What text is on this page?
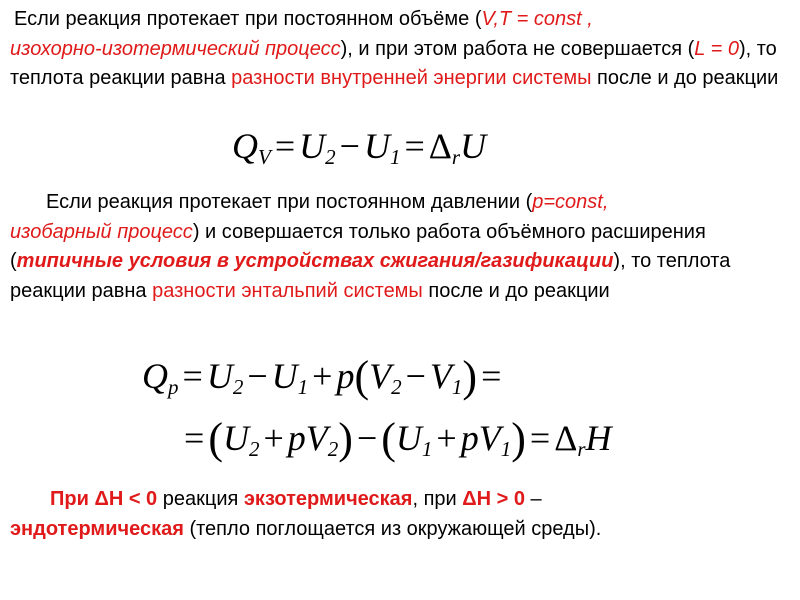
Если реакция протекает при постоянном объёме (V,T = const ,
изохорно-изотермический процесс), и при этом работа не совершается (L = 0), то теплота реакции равна разности внутренней энергии системы после и до реакции

$Q_V = U_2 - U_1 = \Delta_rU$

Если реакция протекает при постоянном давлении (p=const,
изобарный процесс) и совершается только работа объёмного расширения (типичные условия в устройствах сжигания/газификации), то теплота реакции равна разности энтальпий системы после и до реакции

$Q_p = U_2 - U_1 + p(V_2 - V_1)$ =
$=(U_2 + pV_2) -(U_1 + pV_1) = \Delta_rH$

При ΔН < 0 реакция экзотермическая, при ΔН > 0 –
эндотермическая (тепло поглощается из окружающей среды).
